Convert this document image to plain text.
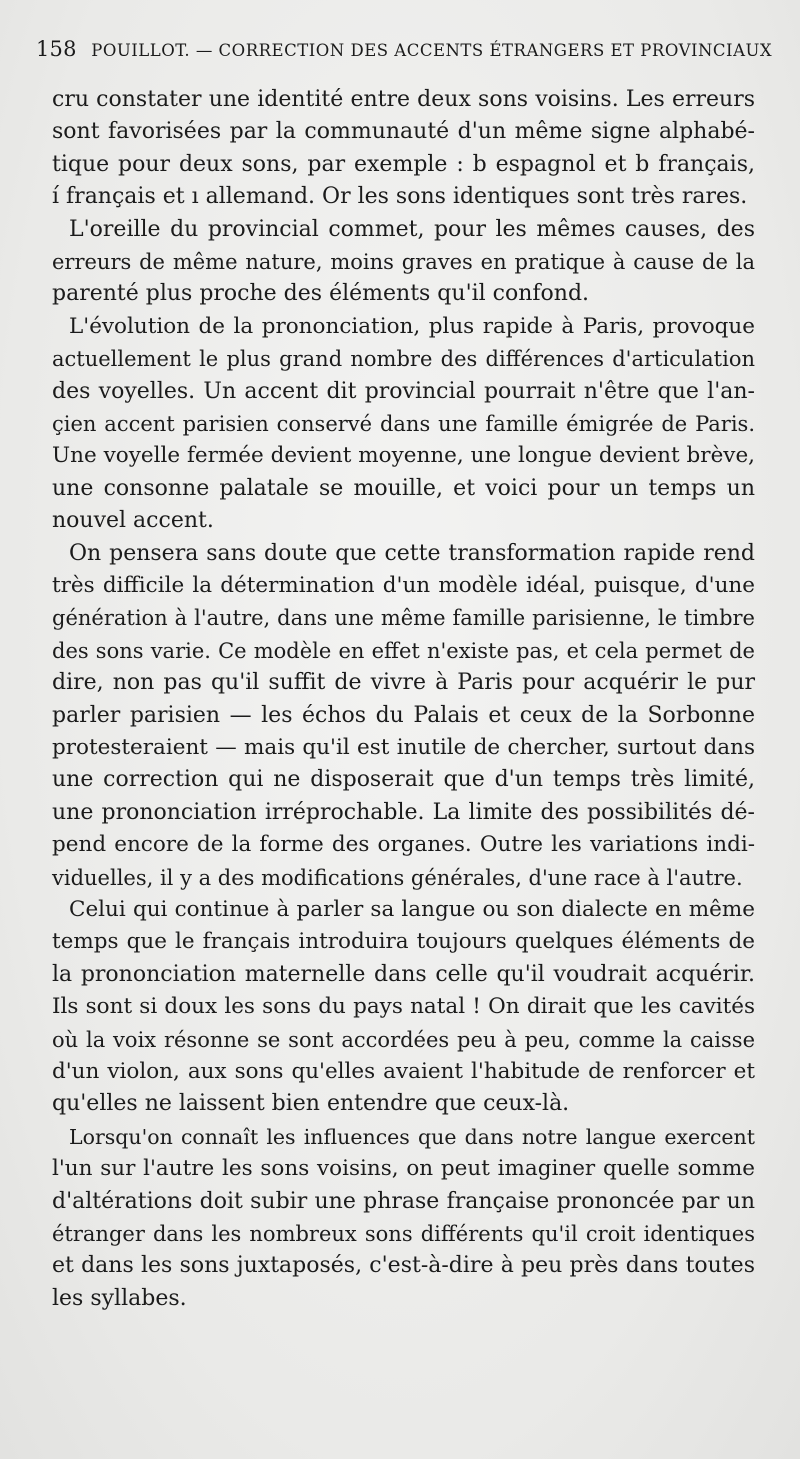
158 POUILLOT. — CORRECTION DES ACCENTS ÉTRANGERS ET PROVINCIAUX
cru constater une identité entre deux sons voisins. Les erreurs
sont favorisées par la communauté d'un même signe alphabé-
tique pour deux sons, par exemple : b espagnol et b français,
í français et ı allemand. Or les sons identiques sont très rares.
L'oreille du provincial commet, pour les mêmes causes, des
erreurs de même nature, moins graves en pratique à cause de la
parenté plus proche des éléments qu'il confond.
L'évolution de la prononciation, plus rapide à Paris, provoque
actuellement le plus grand nombre des différences d'articulation
des voyelles. Un accent dit provincial pourrait n'être que l'an-
çien accent parisien conservé dans une famille émigrée de Paris.
Une voyelle fermée devient moyenne, une longue devient brève,
une consonne palatale se mouille, et voici pour un temps un
nouvel accent.
On pensera sans doute que cette transformation rapide rend
très difficile la détermination d'un modèle idéal, puisque, d'une
génération à l'autre, dans une même famille parisienne, le timbre
des sons varie. Ce modèle en effet n'existe pas, et cela permet de
dire, non pas qu'il suffit de vivre à Paris pour acquérir le pur
parler parisien — les échos du Palais et ceux de la Sorbonne
protesteraient — mais qu'il est inutile de chercher, surtout dans
une correction qui ne disposerait que d'un temps très limité,
une prononciation irréprochable. La limite des possibilités dé-
pend encore de la forme des organes. Outre les variations indi-
viduelles, il y a des modifications générales, d'une race à l'autre.
Celui qui continue à parler sa langue ou son dialecte en même
temps que le français introduira toujours quelques éléments de
la prononciation maternelle dans celle qu'il voudrait acquérir.
Ils sont si doux les sons du pays natal ! On dirait que les cavités
où la voix résonne se sont accordées peu à peu, comme la caisse
d'un violon, aux sons qu'elles avaient l'habitude de renforcer et
qu'elles ne laissent bien entendre que ceux-là.
Lorsqu'on connaît les influences que dans notre langue exercent
l'un sur l'autre les sons voisins, on peut imaginer quelle somme
d'altérations doit subir une phrase française prononcée par un
étranger dans les nombreux sons différents qu'il croit identiques
et dans les sons juxtaposés, c'est-à-dire à peu près dans toutes
les syllabes.
